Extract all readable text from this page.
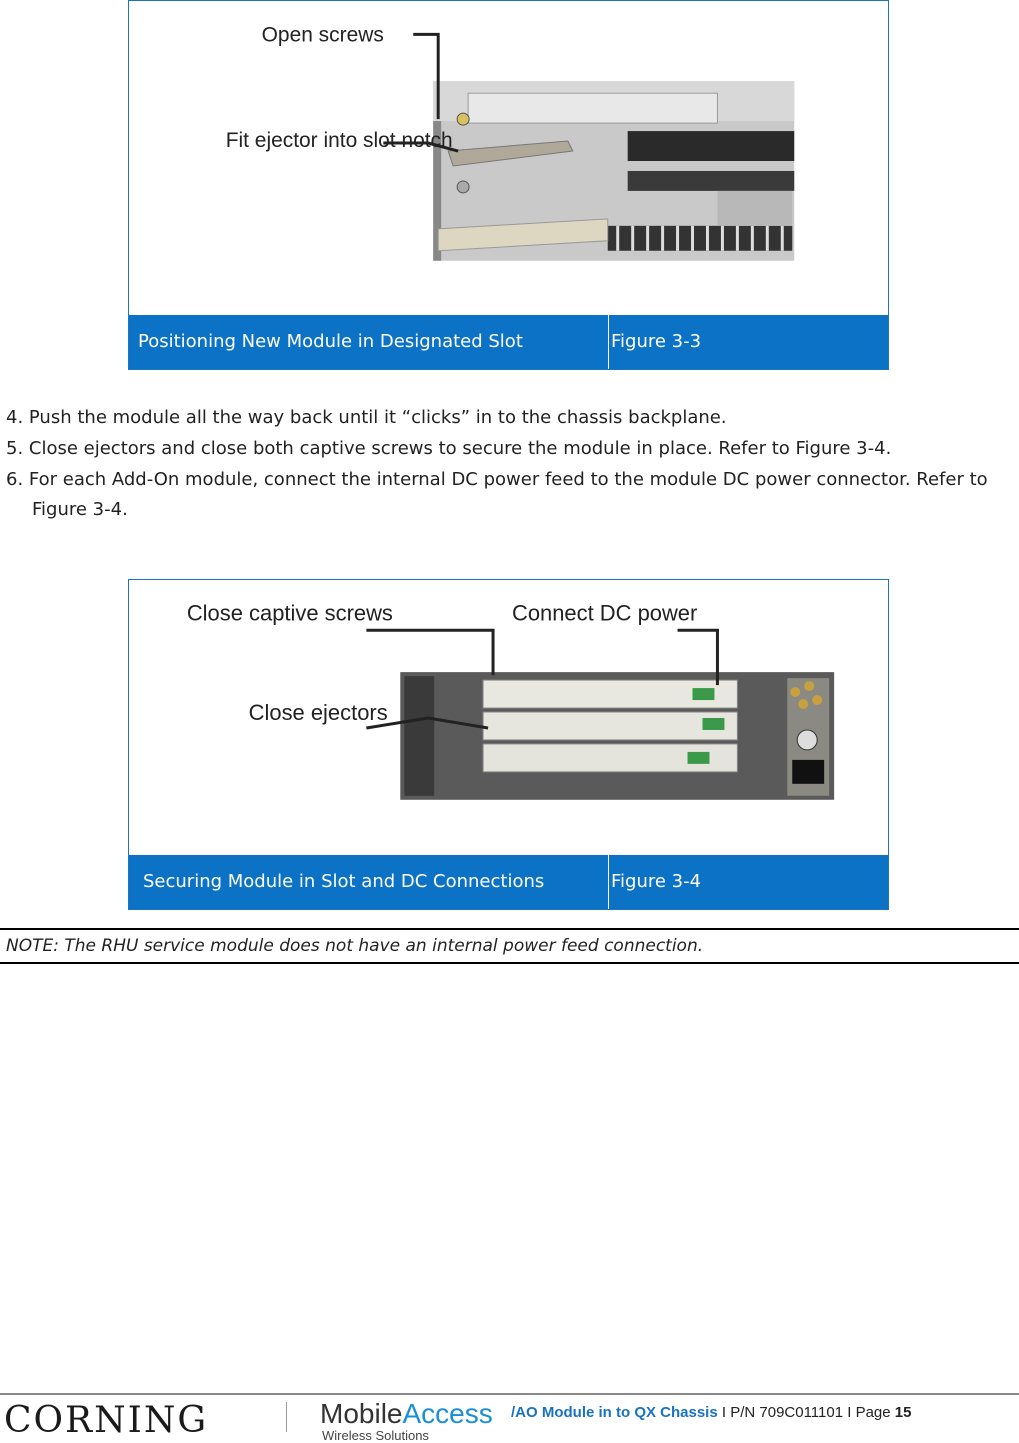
Open screws
Fit ejector into slot notch
Positioning New Module in Designated Slot	Figure 3-3
4. Push the module all the way back until it “clicks” in to the chassis backplane.
5. Close ejectors and close both captive screws to secure the module in place. Refer to Figure 3-4.
6. For each Add-On module, connect the internal DC power feed to the module DC power connector. Refer to Figure 3-4.
Close captive screws	Connect DC power
Close ejectors
Securing Module in Slot and DC Connections	Figure 3-4
NOTE: The RHU service module does not have an internal power feed connection.
CORNING	MobileAccess
Wireless Solutions
/AO Module in to QX Chassis I P/N 709C011101 I Page 15
